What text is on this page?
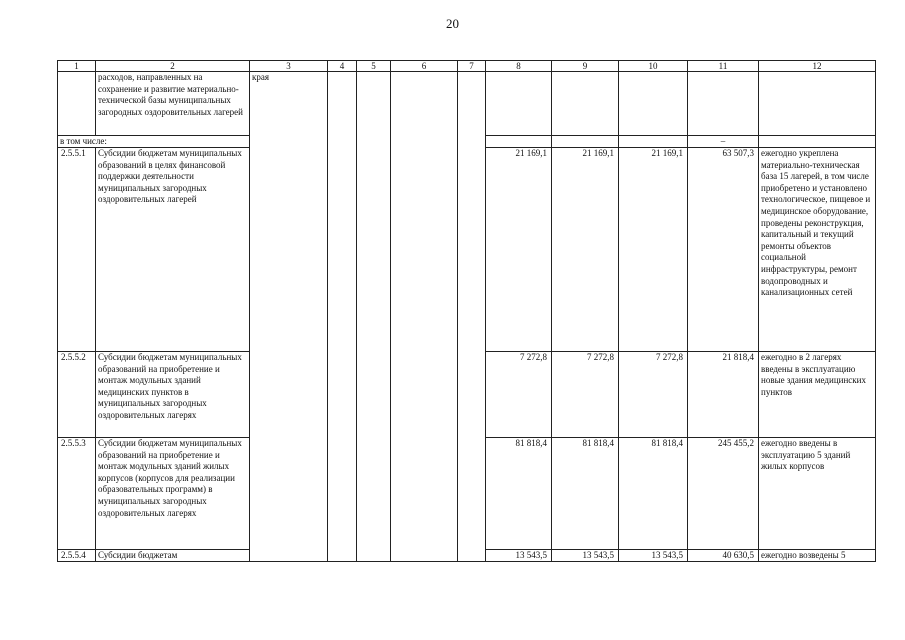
20
1	2	3	4	5	6	7	8	9	10	11	12
	расходов, направленных на сохранение и развитие материально-технической базы муниципальных загородных оздоровительных лагерей	края									
в том числе:										–	
2.5.5.1	Субсидии бюджетам муниципальных образований в целях финансовой поддержки деятельности муниципальных загородных оздоровительных лагерей						21 169,1	21 169,1	21 169,1	63 507,3	ежегодно укреплена материально-техническая база 15 лагерей, в том числе приобретено и установлено технологическое, пищевое и медицинское оборудование, проведены реконструкция, капитальный и текущий ремонты объектов социальной инфраструктуры, ремонт водопроводных и канализационных сетей
2.5.5.2	Субсидии бюджетам муниципальных образований на приобретение и монтаж модульных зданий медицинских пунктов в муниципальных загородных оздоровительных лагерях						7 272,8	7 272,8	7 272,8	21 818,4	ежегодно в 2 лагерях введены в эксплуатацию новые здания медицинских пунктов
2.5.5.3	Субсидии бюджетам муниципальных образований на приобретение и монтаж модульных зданий жилых корпусов (корпусов для реализации образовательных программ) в муниципальных загородных оздоровительных лагерях						81 818,4	81 818,4	81 818,4	245 455,2	ежегодно введены в эксплуатацию 5 зданий жилых корпусов
2.5.5.4	Субсидии бюджетам						13 543,5	13 543,5	13 543,5	40 630,5	ежегодно возведены 5
